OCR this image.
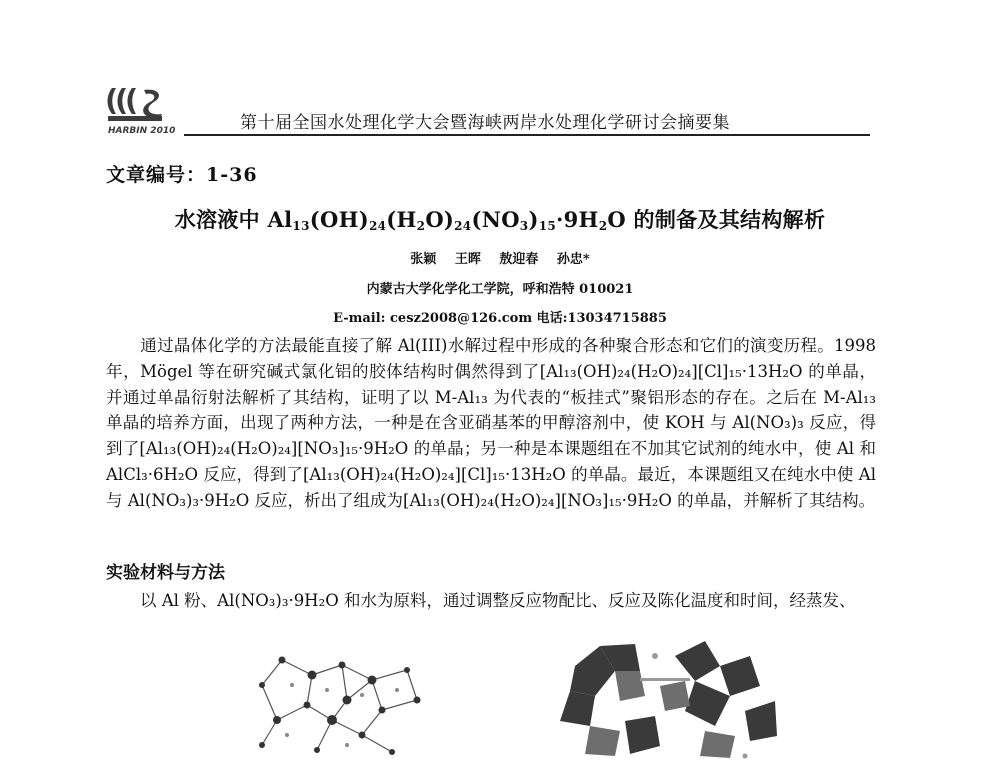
HARBIN 2010	第十届全国水处理化学大会暨海峡两岸水处理化学研讨会摘要集
文章编号：1-36
水溶液中 $Al_{13}(OH)_{24}(H_2O)_{24}(NO_3)_{15}\cdot 9H_2O$ 的制备及其结构解析
张颖 王晖 敖迎春 孙忠*
内蒙古大学化学化工学院，呼和浩特 010021
E-mail: cesz2008@126.com 电话:13034715885

通过晶体化学的方法最能直接了解 Al(III)水解过程中形成的各种聚合形态和它们的演变历程。1998 年，Mögel 等在研究碱式氯化铝的胶体结构时偶然得到了[Al₁₃(OH)₂₄(H₂O)₂₄][Cl]₁₅·13H₂O 的单晶，并通过单晶衍射法解析了其结构，证明了以 M-Al₁₃ 为代表的“板挂式”聚铝形态的存在。之后在 M-Al₁₃ 单晶的培养方面，出现了两种方法，一种是在含亚硝基苯的甲醇溶剂中，使 KOH 与 Al(NO₃)₃ 反应，得到了[Al₁₃(OH)₂₄(H₂O)₂₄][NO₃]₁₅·9H₂O 的单晶；另一种是本课题组在不加其它试剂的纯水中，使 Al 和 AlCl₃·6H₂O 反应，得到了[Al₁₃(OH)₂₄(H₂O)₂₄][Cl]₁₅·13H₂O 的单晶。最近，本课题组又在纯水中使 Al 与 Al(NO₃)₃·9H₂O 反应，析出了组成为[Al₁₃(OH)₂₄(H₂O)₂₄][NO₃]₁₅·9H₂O 的单晶，并解析了其结构。

实验材料与方法

以 Al 粉、Al(NO₃)₃·9H₂O 和水为原料，通过调整反应物配比、反应及陈化温度和时间，经蒸发、
